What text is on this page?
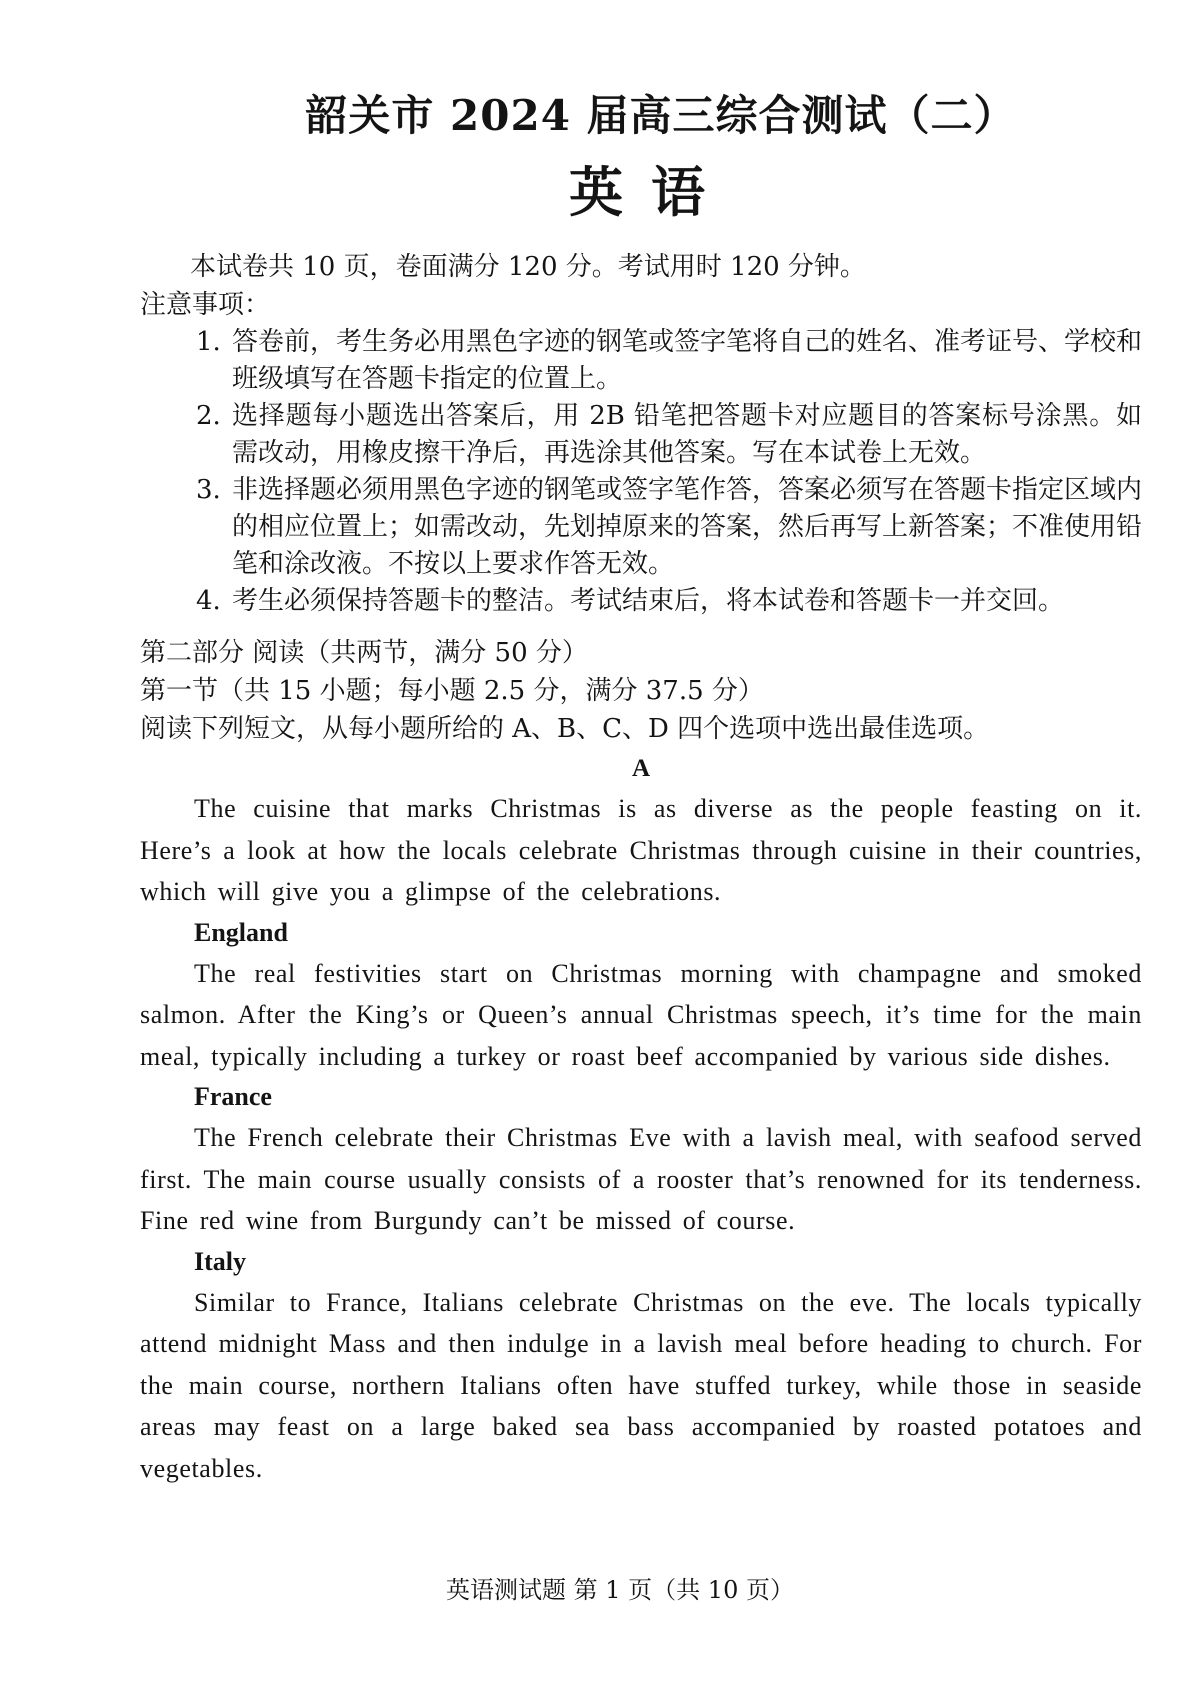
韶关市 2024 届高三综合测试（二）
英语

本试卷共 10 页，卷面满分 120 分。考试用时 120 分钟。

注意事项：

1. 答卷前，考生务必用黑色字迹的钢笔或签字笔将自己的姓名、准考证号、学校和班级填写在答题卡指定的位置上。
2. 选择题每小题选出答案后，用 2B 铅笔把答题卡对应题目的答案标号涂黑。如需改动，用橡皮擦干净后，再选涂其他答案。写在本试卷上无效。
3. 非选择题必须用黑色字迹的钢笔或签字笔作答，答案必须写在答题卡指定区域内的相应位置上；如需改动，先划掉原来的答案，然后再写上新答案；不准使用铅笔和涂改液。不按以上要求作答无效。
4. 考生必须保持答题卡的整洁。考试结束后，将本试卷和答题卡一并交回。

第二部分 阅读（共两节，满分 50 分）

第一节（共 15 小题；每小题 2.5 分，满分 37.5 分）

阅读下列短文，从每小题所给的 A、B、C、D 四个选项中选出最佳选项。

A

The cuisine that marks Christmas is as diverse as the people feasting on it. Here’s a look at how the locals celebrate Christmas through cuisine in their countries, which will give you a glimpse of the celebrations.

England

The real festivities start on Christmas morning with champagne and smoked salmon. After the King’s or Queen’s annual Christmas speech, it’s time for the main meal, typically including a turkey or roast beef accompanied by various side dishes.

France

The French celebrate their Christmas Eve with a lavish meal, with seafood served first. The main course usually consists of a rooster that’s renowned for its tenderness. Fine red wine from Burgundy can’t be missed of course.

Italy

Similar to France, Italians celebrate Christmas on the eve. The locals typically attend midnight Mass and then indulge in a lavish meal before heading to church. For the main course, northern Italians often have stuffed turkey, while those in seaside areas may feast on a large baked sea bass accompanied by roasted potatoes and vegetables.

英语测试题 第 1 页（共 10 页）
